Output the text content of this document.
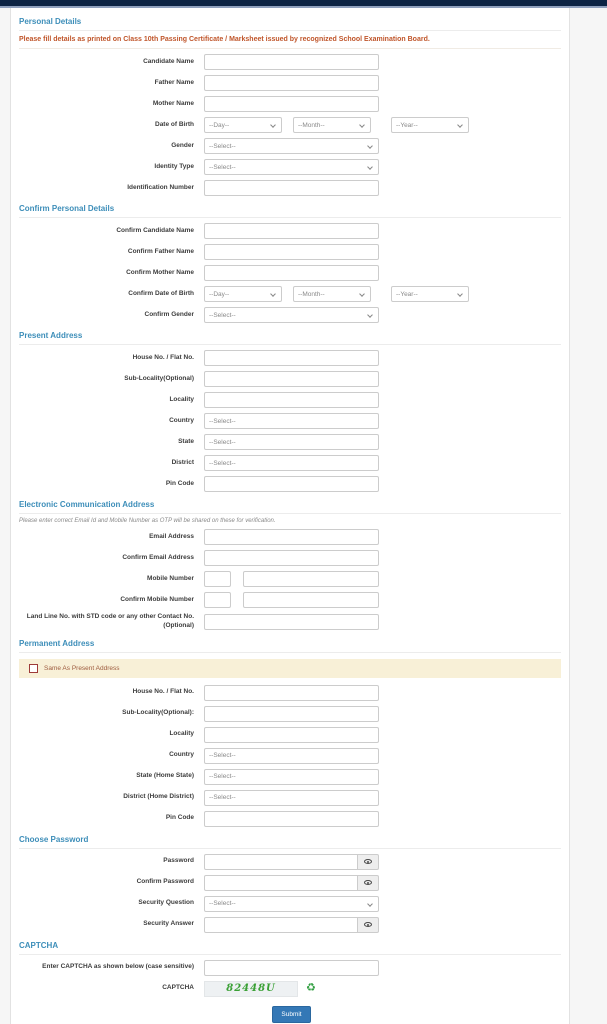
Personal Details
Please fill details as printed on Class 10th Passing Certificate / Marksheet issued by recognized School Examination Board.
Candidate Name
Father Name
Mother Name
Date of Birth	--Day--	--Month--	--Year--
Gender	--Select--
Identity Type	--Select--
Identification Number
Confirm Personal Details
Confirm Candidate Name
Confirm Father Name
Confirm Mother Name
Confirm Date of Birth	--Day--	--Month--	--Year--
Confirm Gender	--Select--
Present Address
House No. / Flat No.
Sub-Locality(Optional)
Locality
Country	--Select--
State	--Select--
District	--Select--
Pin Code
Electronic Communication Address
Please enter correct Email Id and Mobile Number as OTP will be shared on these for verification.
Email Address
Confirm Email Address
Mobile Number
Confirm Mobile Number
Land Line No. with STD code or any other Contact No. (Optional)
Permanent Address
Same As Present Address
House No. / Flat No.
Sub-Locality(Optional):
Locality
Country	--Select--
State (Home State)	--Select--
District (Home District)	--Select--
Pin Code
Choose Password
Password
Confirm Password
Security Question	--Select--
Security Answer
CAPTCHA
Enter CAPTCHA as shown below (case sensitive)
CAPTCHA	82448U	♻
Submit
